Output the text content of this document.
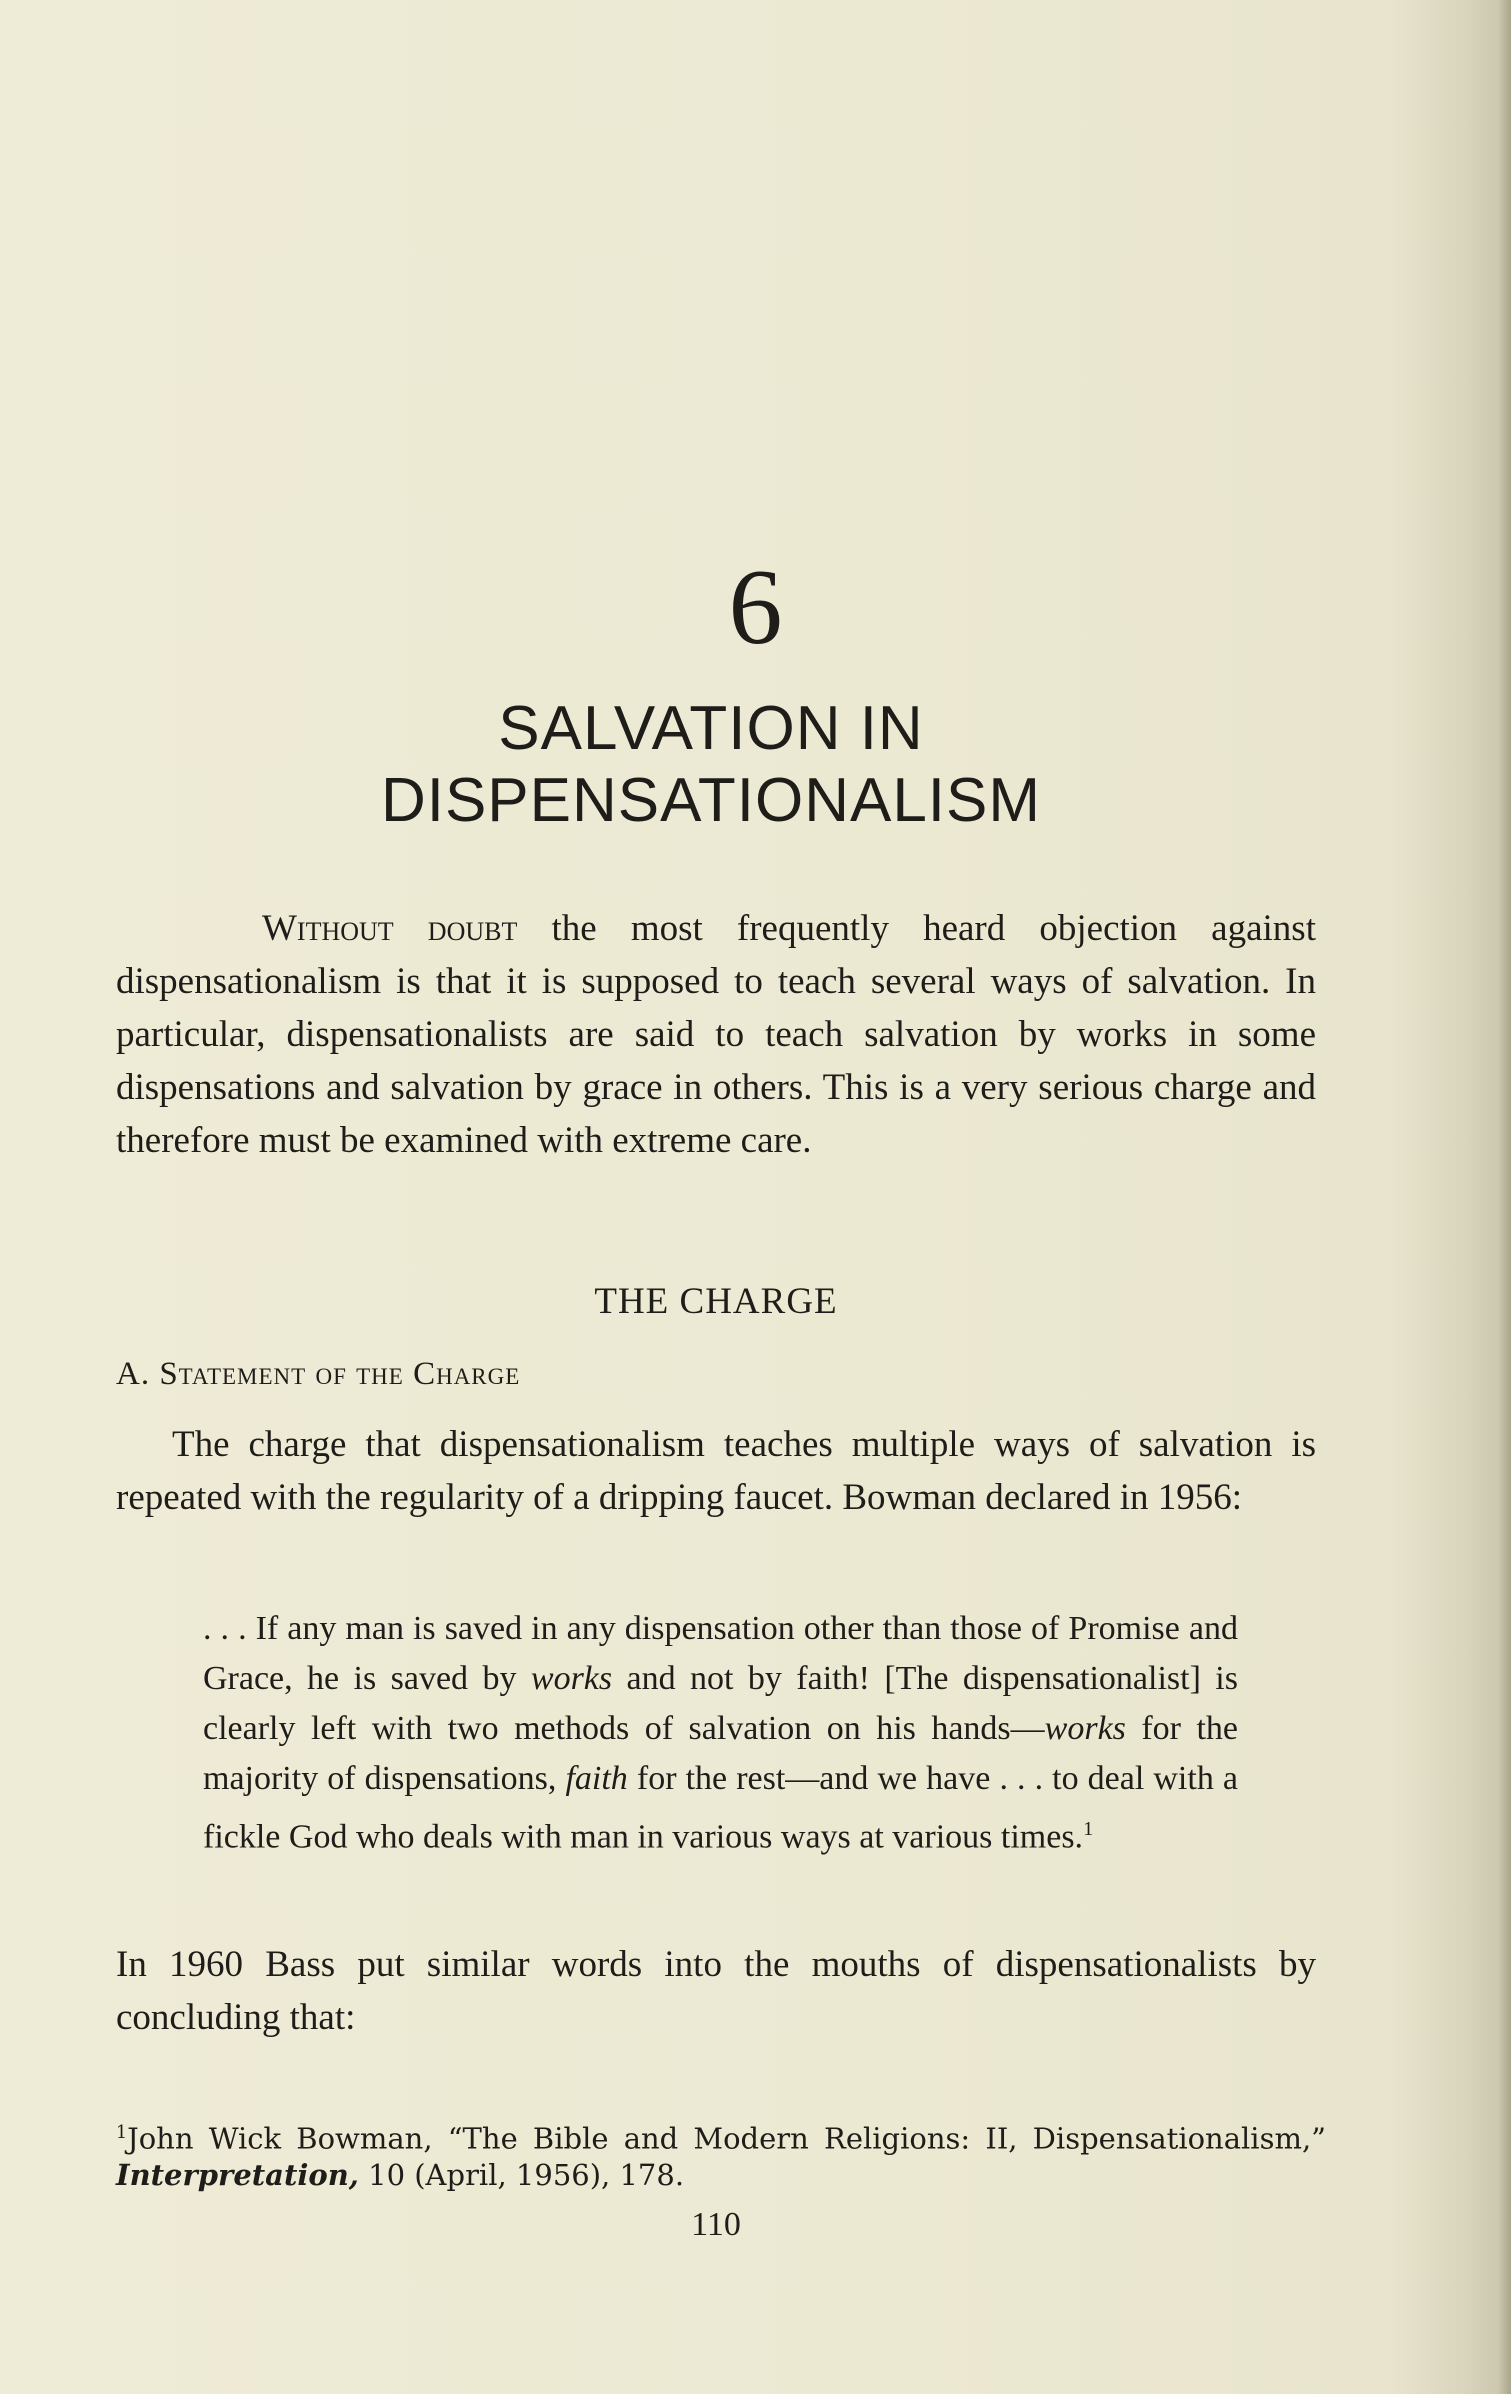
6
SALVATION IN
DISPENSATIONALISM

Without doubt the most frequently heard objection against dispensationalism is that it is supposed to teach several ways of salvation. In particular, dispensationalists are said to teach salvation by works in some dispensations and salvation by grace in others. This is a very serious charge and therefore must be examined with extreme care.

THE CHARGE
A. Statement of the Charge

The charge that dispensationalism teaches multiple ways of salvation is repeated with the regularity of a dripping faucet. Bowman declared in 1956:

. . . If any man is saved in any dispensation other than those of Promise and Grace, he is saved by works and not by faith! [The dispensationalist] is clearly left with two methods of salvation on his hands—works for the majority of dispensations, faith for the rest—and we have . . . to deal with a fickle God who deals with man in various ways at various times.$^1$

In 1960 Bass put similar words into the mouths of dispensationalists by concluding that:

$^1$John Wick Bowman, “The Bible and Modern Religions: II, Dispensationalism,” Interpretation, 10 (April, 1956), 178.

110
